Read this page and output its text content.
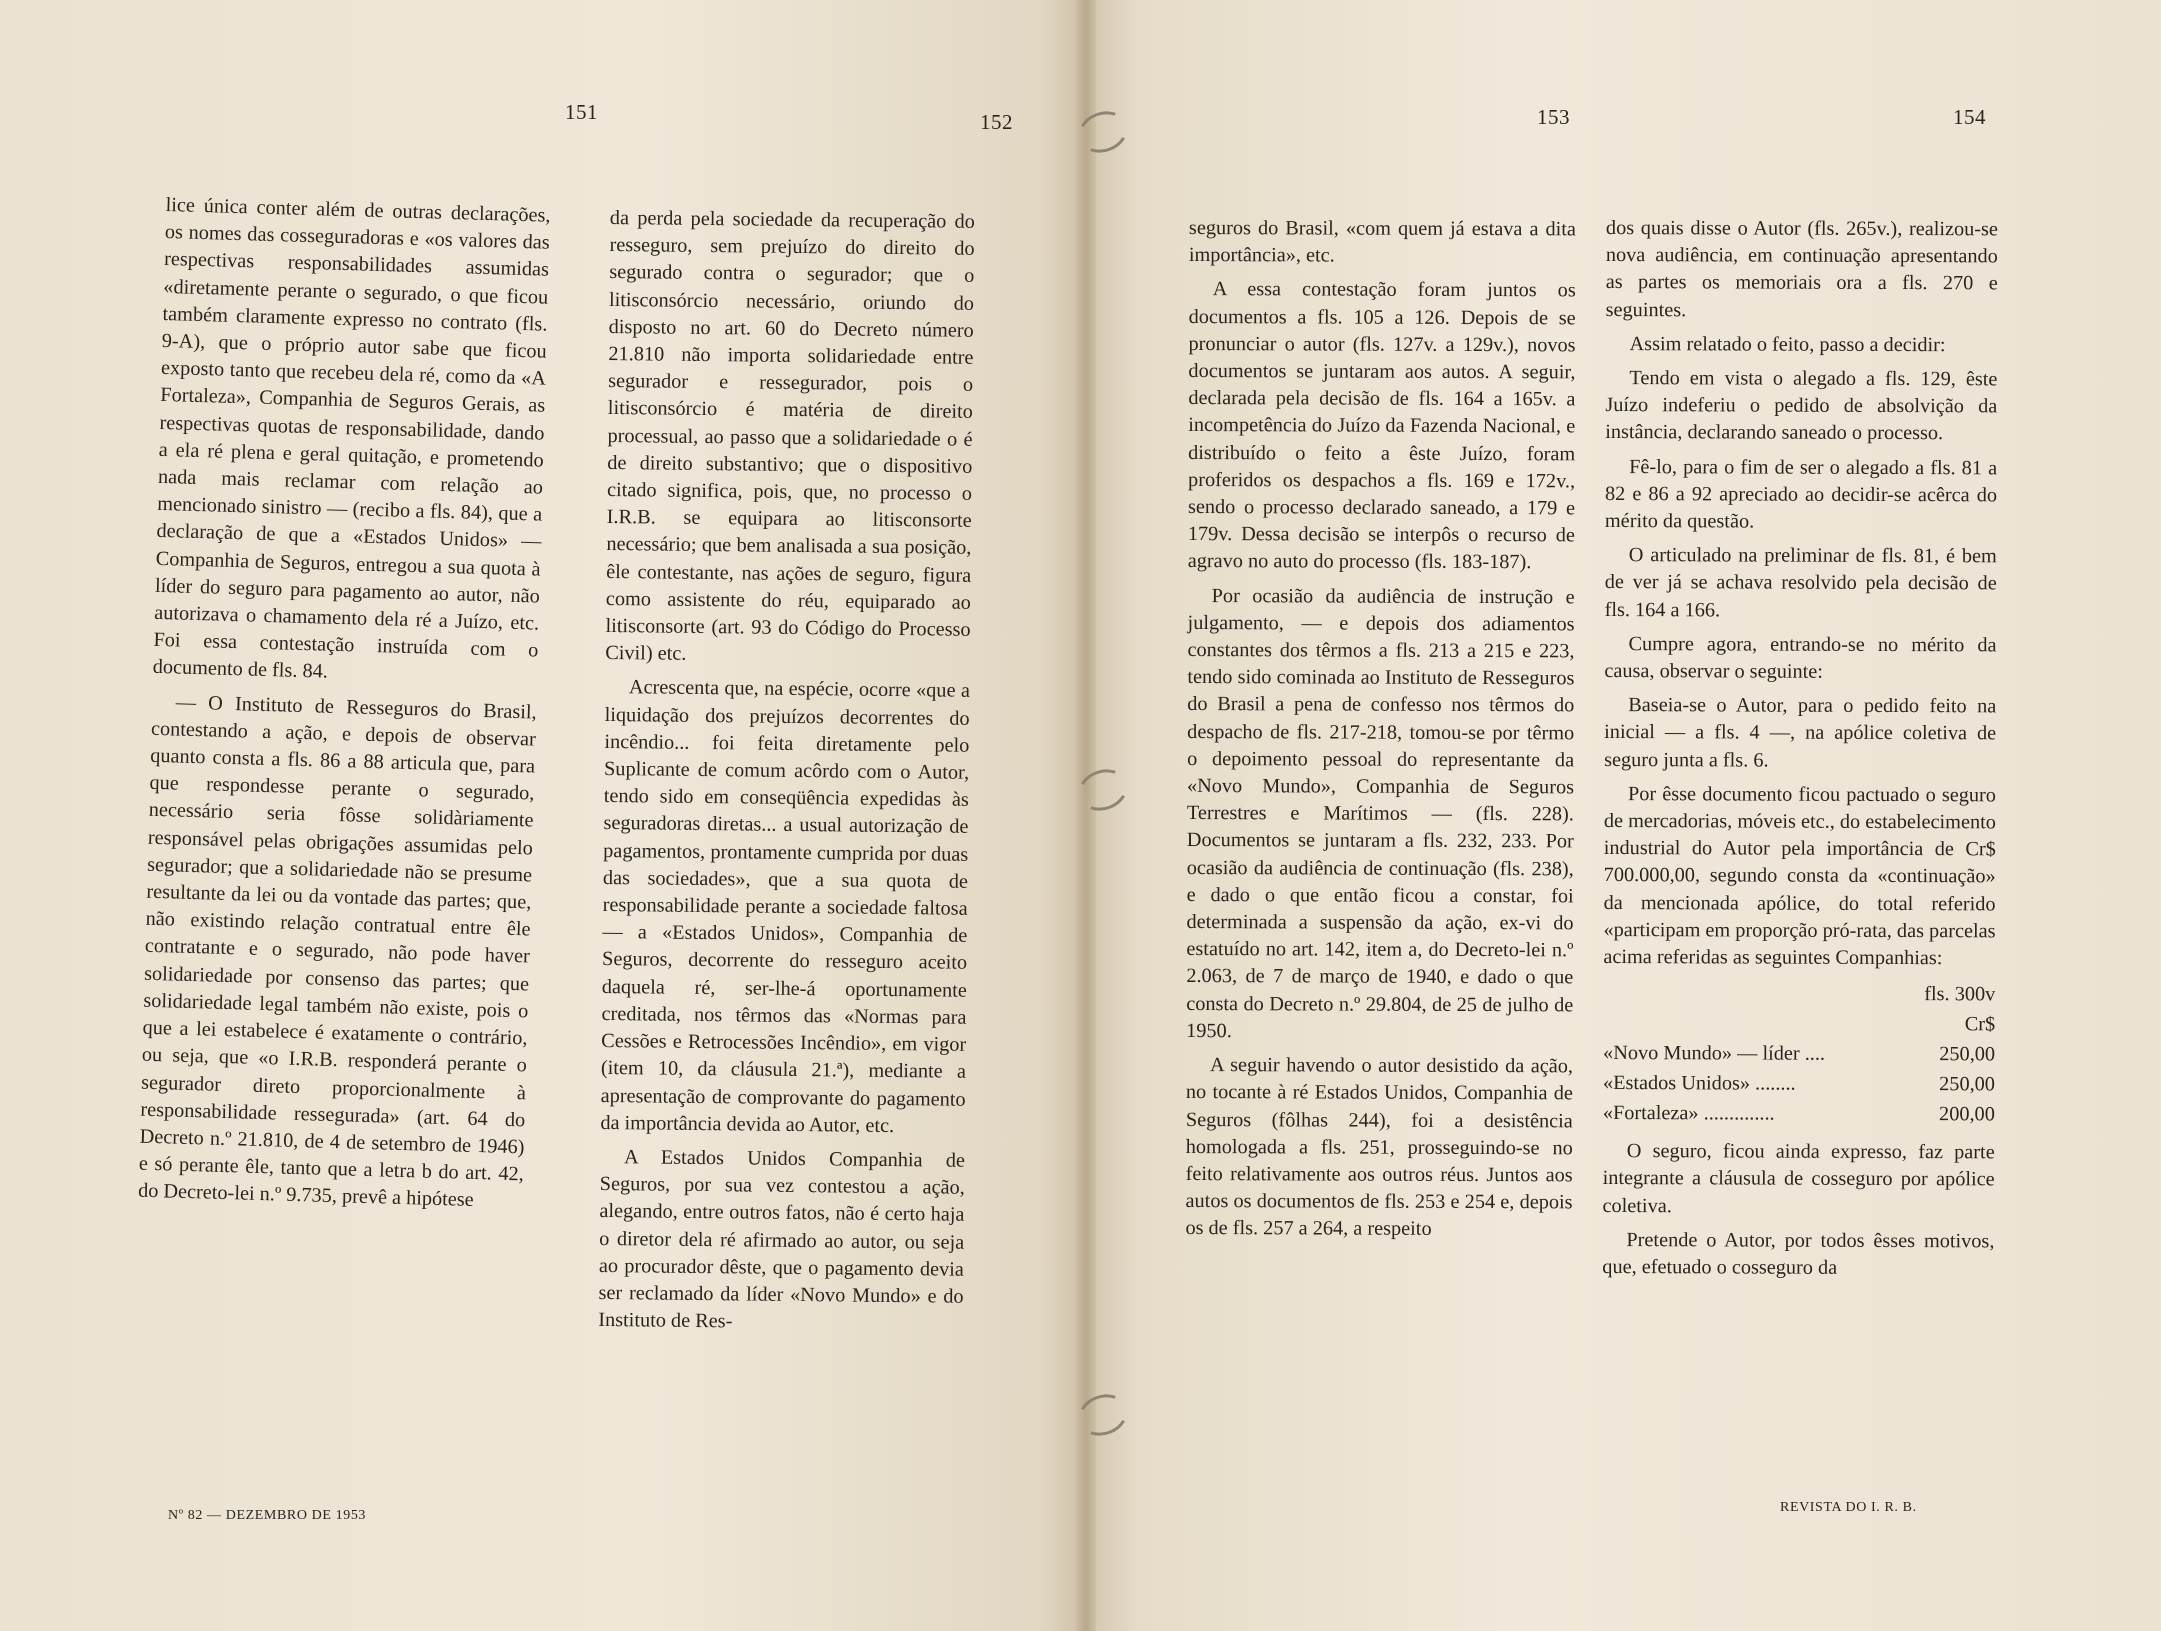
151	152	153	154

lice única conter além de outras declarações, os nomes das cosseguradoras e «os valores das respectivas responsabilidades assumidas «diretamente perante o segurado, o que ficou também claramente expresso no contrato (fls. 9-A), que o próprio autor sabe que ficou exposto tanto que recebeu dela ré, como da «A Fortaleza», Companhia de Seguros Gerais, as respectivas quotas de responsabilidade, dando a ela ré plena e geral quitação, e prometendo nada mais reclamar com relação ao mencionado sinistro — (recibo a fls. 84), que a declaração de que a «Estados Unidos» — Companhia de Seguros, entregou a sua quota à líder do seguro para pagamento ao autor, não autorizava o chamamento dela ré a Juízo, etc. Foi essa contestação instruída com o documento de fls. 84.

— O Instituto de Resseguros do Brasil, contestando a ação, e depois de observar quanto consta a fls. 86 a 88 articula que, para que respondesse perante o segurado, necessário seria fôsse solidàriamente responsável pelas obrigações assumidas pelo segurador; que a solidariedade não se presume resultante da lei ou da vontade das partes; que, não existindo relação contratual entre êle contratante e o segurado, não pode haver solidariedade por consenso das partes; que solidariedade legal também não existe, pois o que a lei estabelece é exatamente o contrário, ou seja, que «o I.R.B. responderá perante o segurador direto proporcionalmente à responsabilidade ressegurada» (art. 64 do Decreto n.º 21.810, de 4 de setembro de 1946) e só perante êle, tanto que a letra b do art. 42, do Decreto-lei n.º 9.735, prevê a hipótese

da perda pela sociedade da recuperação do resseguro, sem prejuízo do direito do segurado contra o segurador; que o litisconsórcio necessário, oriundo do disposto no art. 60 do Decreto número 21.810 não importa solidariedade entre segurador e ressegurador, pois o litisconsórcio é matéria de direito processual, ao passo que a solidariedade o é de direito substantivo; que o dispositivo citado significa, pois, que, no processo o I.R.B. se equipara ao litisconsorte necessário; que bem analisada a sua posição, êle contestante, nas ações de seguro, figura como assistente do réu, equiparado ao litisconsorte (art. 93 do Código do Processo Civil) etc.

Acrescenta que, na espécie, ocorre «que a liquidação dos prejuízos decorrentes do incêndio... foi feita diretamente pelo Suplicante de comum acôrdo com o Autor, tendo sido em conseqüência expedidas às seguradoras diretas... a usual autorização de pagamentos, prontamente cumprida por duas das sociedades», que a sua quota de responsabilidade perante a sociedade faltosa — a «Estados Unidos», Companhia de Seguros, decorrente do resseguro aceito daquela ré, ser-lhe-á oportunamente creditada, nos têrmos das «Normas para Cessões e Retrocessões Incêndio», em vigor (item 10, da cláusula 21.ª), mediante a apresentação de comprovante do pagamento da importância devida ao Autor, etc.

A Estados Unidos Companhia de Seguros, por sua vez contestou a ação, alegando, entre outros fatos, não é certo haja o diretor dela ré afirmado ao autor, ou seja ao procurador dêste, que o pagamento devia ser reclamado da líder «Novo Mundo» e do Instituto de Res-

seguros do Brasil, «com quem já estava a dita importância», etc.

A essa contestação foram juntos os documentos a fls. 105 a 126. Depois de se pronunciar o autor (fls. 127v. a 129v.), novos documentos se juntaram aos autos. A seguir, declarada pela decisão de fls. 164 a 165v. a incompetência do Juízo da Fazenda Nacional, e distribuído o feito a êste Juízo, foram proferidos os despachos a fls. 169 e 172v., sendo o processo declarado saneado, a 179 e 179v. Dessa decisão se interpôs o recurso de agravo no auto do processo (fls. 183-187).

Por ocasião da audiência de instrução e julgamento, — e depois dos adiamentos constantes dos têrmos a fls. 213 a 215 e 223, tendo sido cominada ao Instituto de Resseguros do Brasil a pena de confesso nos têrmos do despacho de fls. 217-218, tomou-se por têrmo o depoimento pessoal do representante da «Novo Mundo», Companhia de Seguros Terrestres e Marítimos — (fls. 228). Documentos se juntaram a fls. 232, 233. Por ocasião da audiência de continuação (fls. 238), e dado o que então ficou a constar, foi determinada a suspensão da ação, ex-vi do estatuído no art. 142, item a, do Decreto-lei n.º 2.063, de 7 de março de 1940, e dado o que consta do Decreto n.º 29.804, de 25 de julho de 1950.

A seguir havendo o autor desistido da ação, no tocante à ré Estados Unidos, Companhia de Seguros (fôlhas 244), foi a desistência homologada a fls. 251, prosseguindo-se no feito relativamente aos outros réus. Juntos aos autos os documentos de fls. 253 e 254 e, depois os de fls. 257 a 264, a respeito

dos quais disse o Autor (fls. 265v.), realizou-se nova audiência, em continuação apresentando as partes os memoriais ora a fls. 270 e seguintes.

Assim relatado o feito, passo a decidir:

Tendo em vista o alegado a fls. 129, êste Juízo indeferiu o pedido de absolvição da instância, declarando saneado o processo.

Fê-lo, para o fim de ser o alegado a fls. 81 a 82 e 86 a 92 apreciado ao decidir-se acêrca do mérito da questão.

O articulado na preliminar de fls. 81, é bem de ver já se achava resolvido pela decisão de fls. 164 a 166.

Cumpre agora, entrando-se no mérito da causa, observar o seguinte:

Baseia-se o Autor, para o pedido feito na inicial — a fls. 4 —, na apólice coletiva de seguro junta a fls. 6.

Por êsse documento ficou pactuado o seguro de mercadorias, móveis etc., do estabelecimento industrial do Autor pela importância de Cr$ 700.000,00, segundo consta da «continuação» da mencionada apólice, do total referido «participam em proporção pró-rata, das parcelas acima referidas as seguintes Companhias:

fls. 300v
Cr$
«Novo Mundo» — líder ....	250,00
«Estados Unidos» ........	250,00
«Fortaleza» ..............	200,00

O seguro, ficou ainda expresso, faz parte integrante a cláusula de cosseguro por apólice coletiva.

Pretende o Autor, por todos êsses motivos, que, efetuado o cosseguro da

Nº 82 — DEZEMBRO DE 1953
REVISTA DO I. R. B.
